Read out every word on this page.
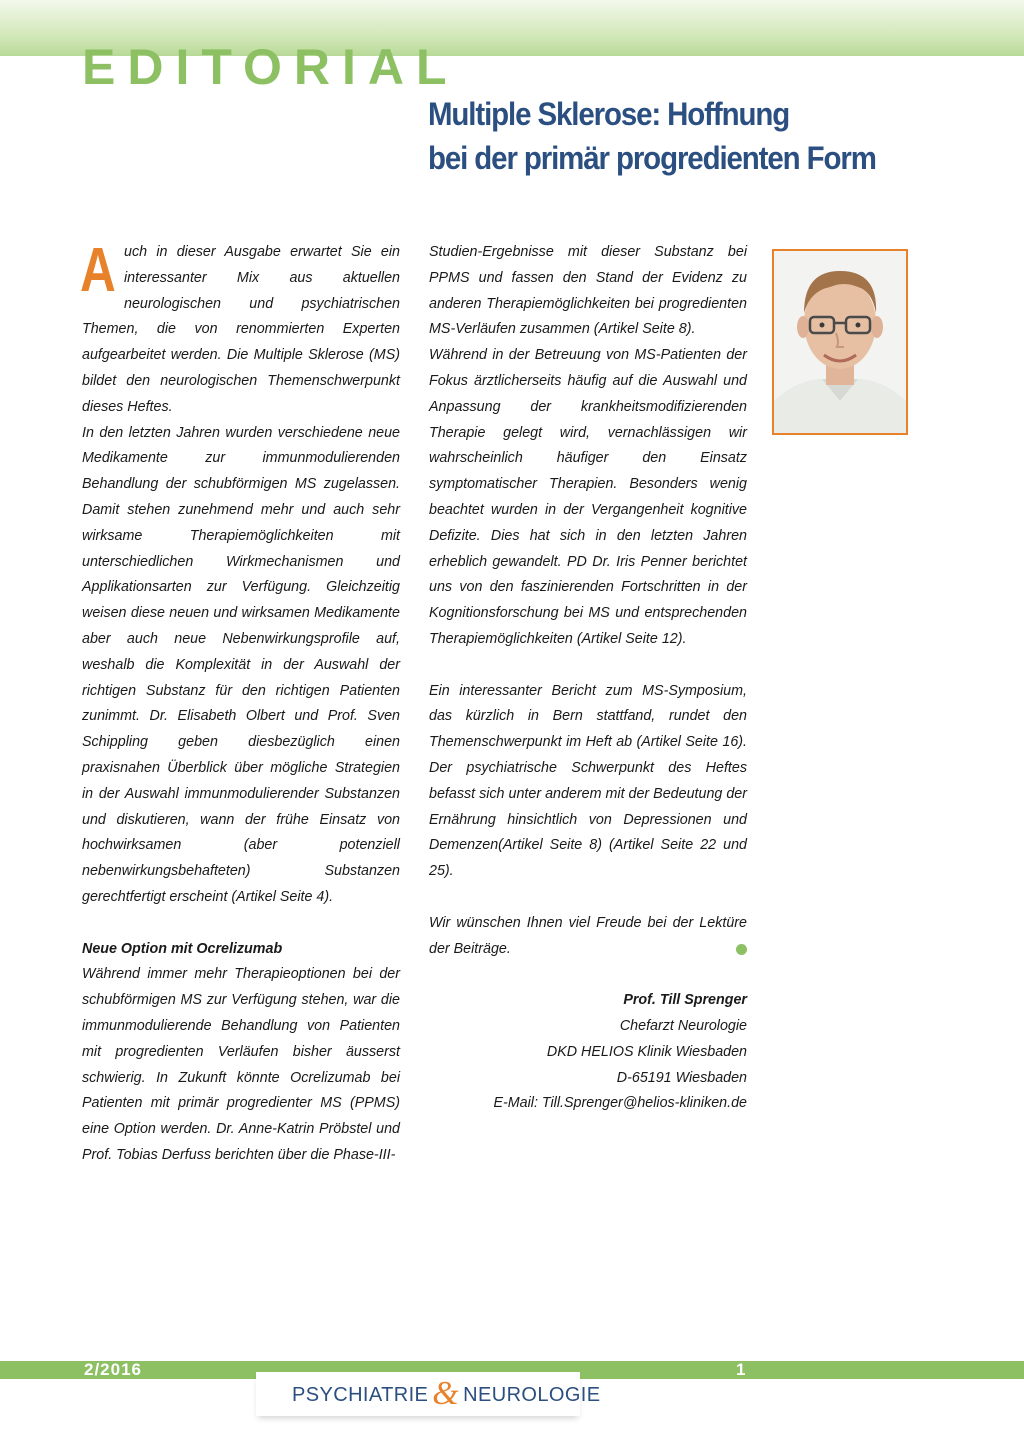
EDITORIAL
Multiple Sklerose: Hoffnung
bei der primär progredienten Form

Auch in dieser Ausgabe erwartet Sie ein interessanter Mix aus aktuellen neurologischen und psychiatrischen Themen, die von renommierten Experten aufgearbeitet werden. Die Multiple Sklerose (MS) bildet den neurologischen Themenschwerpunkt dieses Heftes.

In den letzten Jahren wurden verschiedene neue Medikamente zur immunmodulierenden Behandlung der schubförmigen MS zugelassen. Damit stehen zunehmend mehr und auch sehr wirksame Therapiemöglichkeiten mit unterschiedlichen Wirkmechanismen und Applikationsarten zur Verfügung. Gleichzeitig weisen diese neuen und wirksamen Medikamente aber auch neue Nebenwirkungsprofile auf, weshalb die Komplexität in der Auswahl der richtigen Substanz für den richtigen Patienten zunimmt. Dr. Elisabeth Olbert und Prof. Sven Schippling geben diesbezüglich einen praxisnahen Überblick über mögliche Strategien in der Auswahl immunmodulierender Substanzen und diskutieren, wann der frühe Einsatz von hochwirksamen (aber potenziell nebenwirkungsbehafteten) Substanzen gerechtfertigt erscheint (Artikel Seite 4).

Neue Option mit Ocrelizumab

Während immer mehr Therapieoptionen bei der schubförmigen MS zur Verfügung stehen, war die immunmodulierende Behandlung von Patienten mit progredienten Verläufen bisher äusserst schwierig. In Zukunft könnte Ocrelizumab bei Patienten mit primär progredienter MS (PPMS) eine Option werden. Dr. Anne-Katrin Pröbstel und Prof. Tobias Derfuss berichten über die Phase-III-

Studien-Ergebnisse mit dieser Substanz bei PPMS und fassen den Stand der Evidenz zu anderen Therapiemöglichkeiten bei progredienten MS-Verläufen zusammen (Artikel Seite 8).

Während in der Betreuung von MS-Patienten der Fokus ärztlicherseits häufig auf die Auswahl und Anpassung der krankheitsmodifizierenden Therapie gelegt wird, vernachlässigen wir wahrscheinlich häufiger den Einsatz symptomatischer Therapien. Besonders wenig beachtet wurden in der Vergangenheit kognitive Defizite. Dies hat sich in den letzten Jahren erheblich gewandelt. PD Dr. Iris Penner berichtet uns von den faszinierenden Fortschritten in der Kognitionsforschung bei MS und entsprechenden Therapiemöglichkeiten (Artikel Seite 12).

Ein interessanter Bericht zum MS-Symposium, das kürzlich in Bern stattfand, rundet den Themenschwerpunkt im Heft ab (Artikel Seite 16). Der psychiatrische Schwerpunkt des Heftes befasst sich unter anderem mit der Bedeutung der Ernährung hinsichtlich von Depressionen und Demenzen(Artikel Seite 8) (Artikel Seite 22 und 25).

Wir wünschen Ihnen viel Freude bei der Lektüre der Beiträge.

Prof. Till Sprenger
Chefarzt Neurologie
DKD HELIOS Klinik Wiesbaden
D-65191 Wiesbaden
E-Mail: Till.Sprenger@helios-kliniken.de

2/2016	1

PSYCHIATRIE & NEUROLOGIE
